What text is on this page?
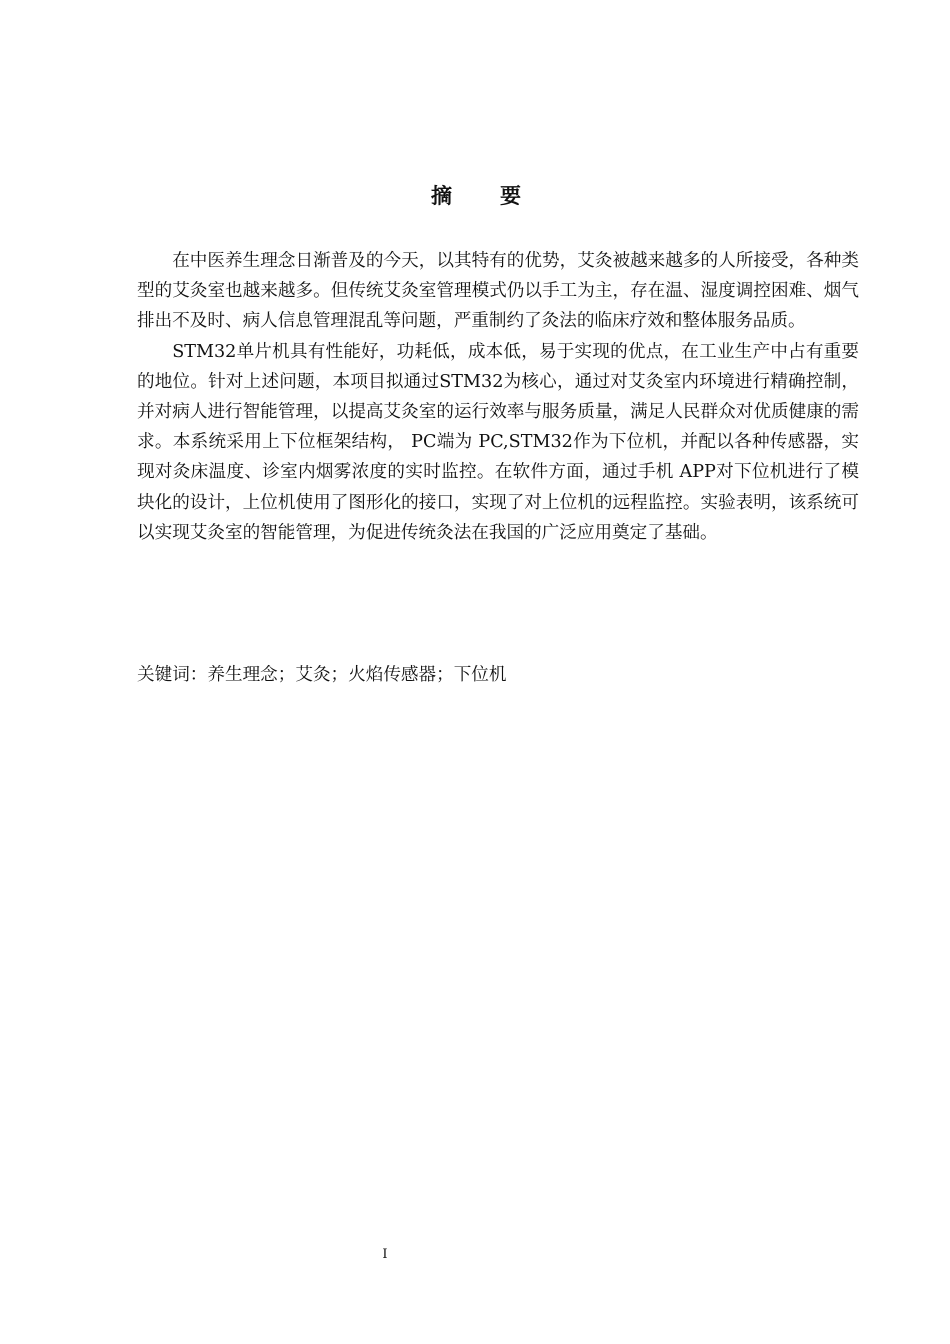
摘要

在中医养生理念日渐普及的今天，以其特有的优势，艾灸被越来越多的人所接受，各种类型的艾灸室也越来越多。但传统艾灸室管理模式仍以手工为主，存在温、湿度调控困难、烟气排出不及时、病人信息管理混乱等问题，严重制约了灸法的临床疗效和整体服务品质。

STM32单片机具有性能好，功耗低，成本低，易于实现的优点，在工业生产中占有重要的地位。针对上述问题，本项目拟通过STM32为核心，通过对艾灸室内环境进行精确控制，并对病人进行智能管理，以提高艾灸室的运行效率与服务质量，满足人民群众对优质健康的需求。本系统采用上下位框架结构， PC端为 PC,STM32作为下位机，并配以各种传感器，实现对灸床温度、诊室内烟雾浓度的实时监控。在软件方面，通过手机 APP对下位机进行了模块化的设计，上位机使用了图形化的接口，实现了对上位机的远程监控。实验表明，该系统可以实现艾灸室的智能管理，为促进传统灸法在我国的广泛应用奠定了基础。

关键词：养生理念；艾灸；火焰传感器；下位机

I
